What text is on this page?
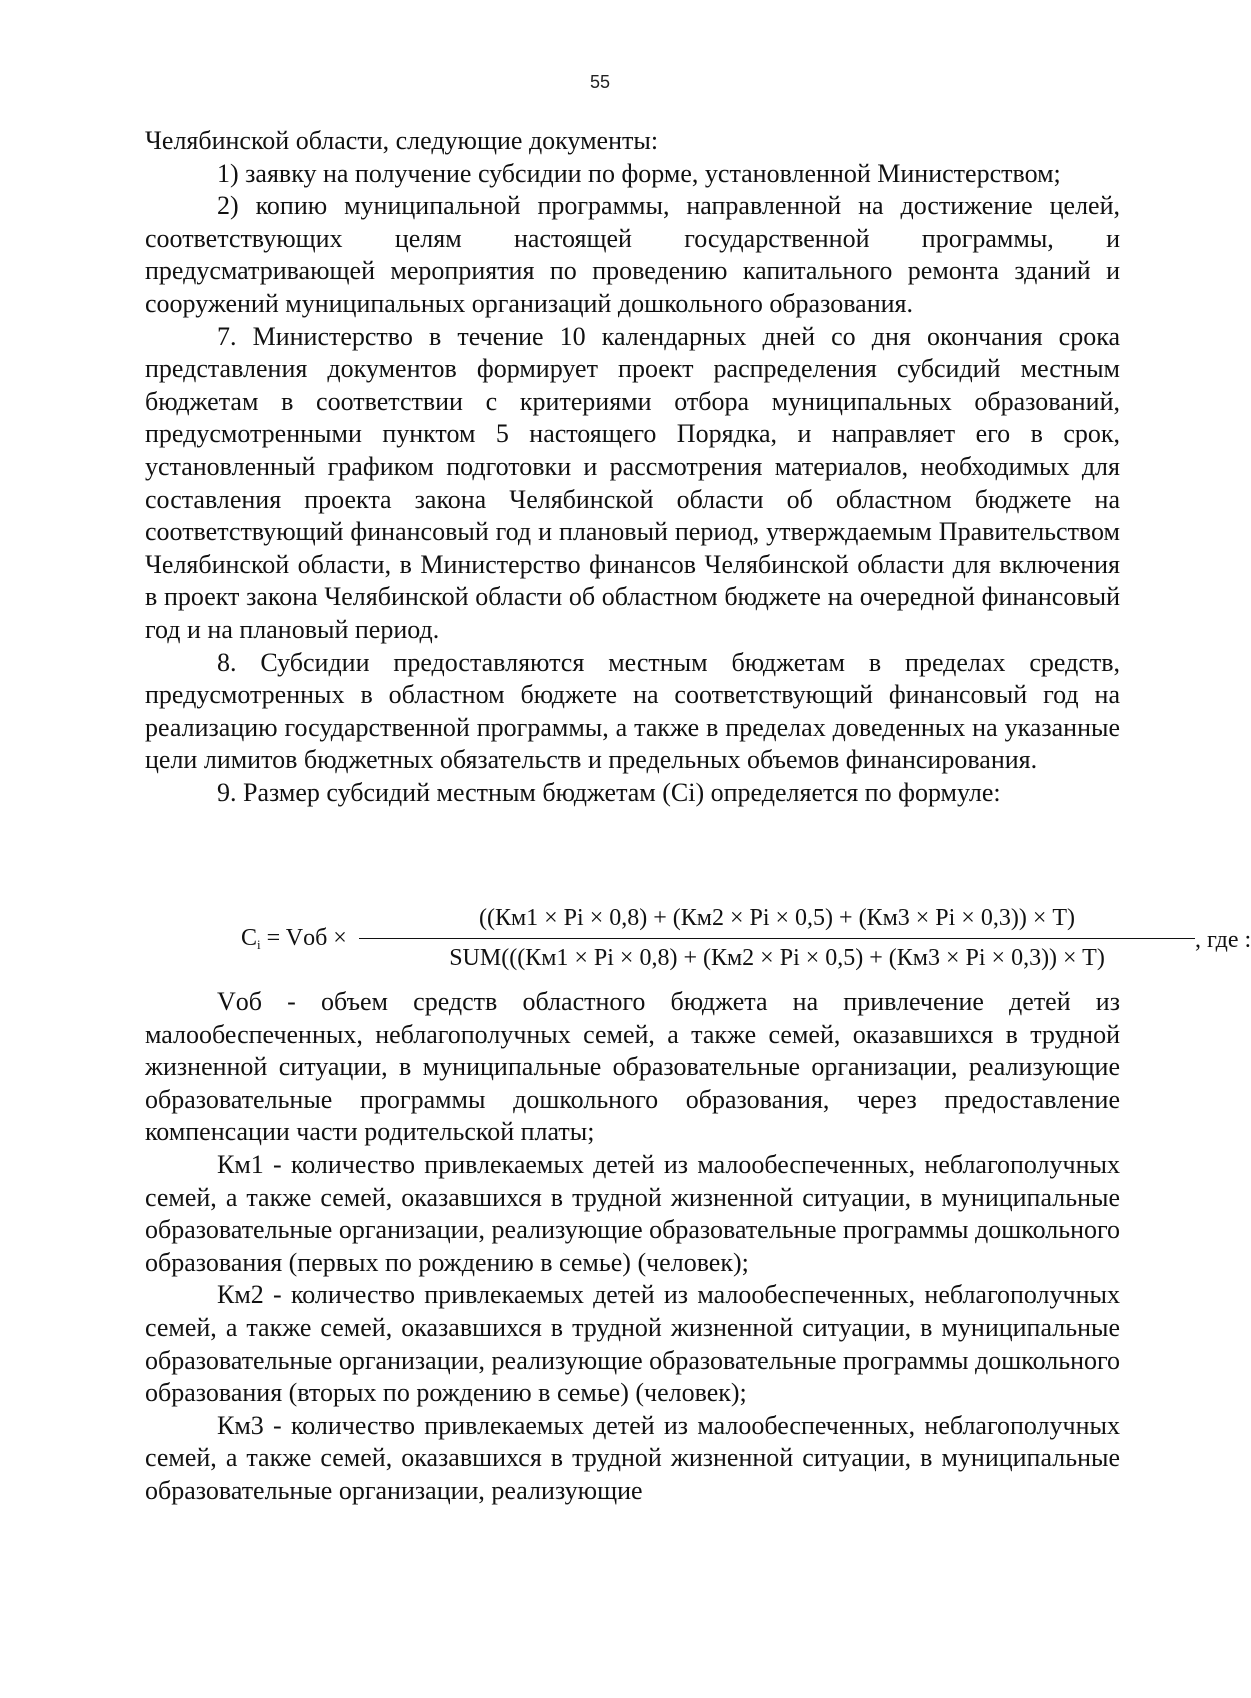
55

Челябинской области, следующие документы:

1) заявку на получение субсидии по форме, установленной Министерством;

2) копию муниципальной программы, направленной на достижение целей, соответствующих целям настоящей государственной программы, и предусматривающей мероприятия по проведению капитального ремонта зданий и сооружений муниципальных организаций дошкольного образования.

7. Министерство в течение 10 календарных дней со дня окончания срока представления документов формирует проект распределения субсидий местным бюджетам в соответствии с критериями отбора муниципальных образований, предусмотренными пунктом 5 настоящего Порядка, и направляет его в срок, установленный графиком подготовки и рассмотрения материалов, необходимых для составления проекта закона Челябинской области об областном бюджете на соответствующий финансовый год и плановый период, утверждаемым Правительством Челябинской области, в Министерство финансов Челябинской области для включения в проект закона Челябинской области об областном бюджете на очередной финансовый год и на плановый период.

8. Субсидии предоставляются местным бюджетам в пределах средств, предусмотренных в областном бюджете на соответствующий финансовый год на реализацию государственной программы, а также в пределах доведенных на указанные цели лимитов бюджетных обязательств и предельных объемов финансирования.

9. Размер субсидий местным бюджетам (Ci) определяется по формуле:

$C_i$ = Vоб ×
((Км1 × Pi × 0,8) + (Км2 × Pi × 0,5) + (Км3 × Pi × 0,3)) × T)
SUM(((Км1 × Pi × 0,8) + (Км2 × Pi × 0,5) + (Км3 × Pi × 0,3)) × T)
, где :

Vоб - объем средств областного бюджета на привлечение детей из малообеспеченных, неблагополучных семей, а также семей, оказавшихся в трудной жизненной ситуации, в муниципальные образовательные организации, реализующие образовательные программы дошкольного образования, через предоставление компенсации части родительской платы;

Км1 - количество привлекаемых детей из малообеспеченных, неблагополучных семей, а также семей, оказавшихся в трудной жизненной ситуации, в муниципальные образовательные организации, реализующие образовательные программы дошкольного образования (первых по рождению в семье) (человек);

Км2 - количество привлекаемых детей из малообеспеченных, неблагополучных семей, а также семей, оказавшихся в трудной жизненной ситуации, в муниципальные образовательные организации, реализующие образовательные программы дошкольного образования (вторых по рождению в семье) (человек);

Км3 - количество привлекаемых детей из малообеспеченных, неблагополучных семей, а также семей, оказавшихся в трудной жизненной ситуации, в муниципальные образовательные организации, реализующие
